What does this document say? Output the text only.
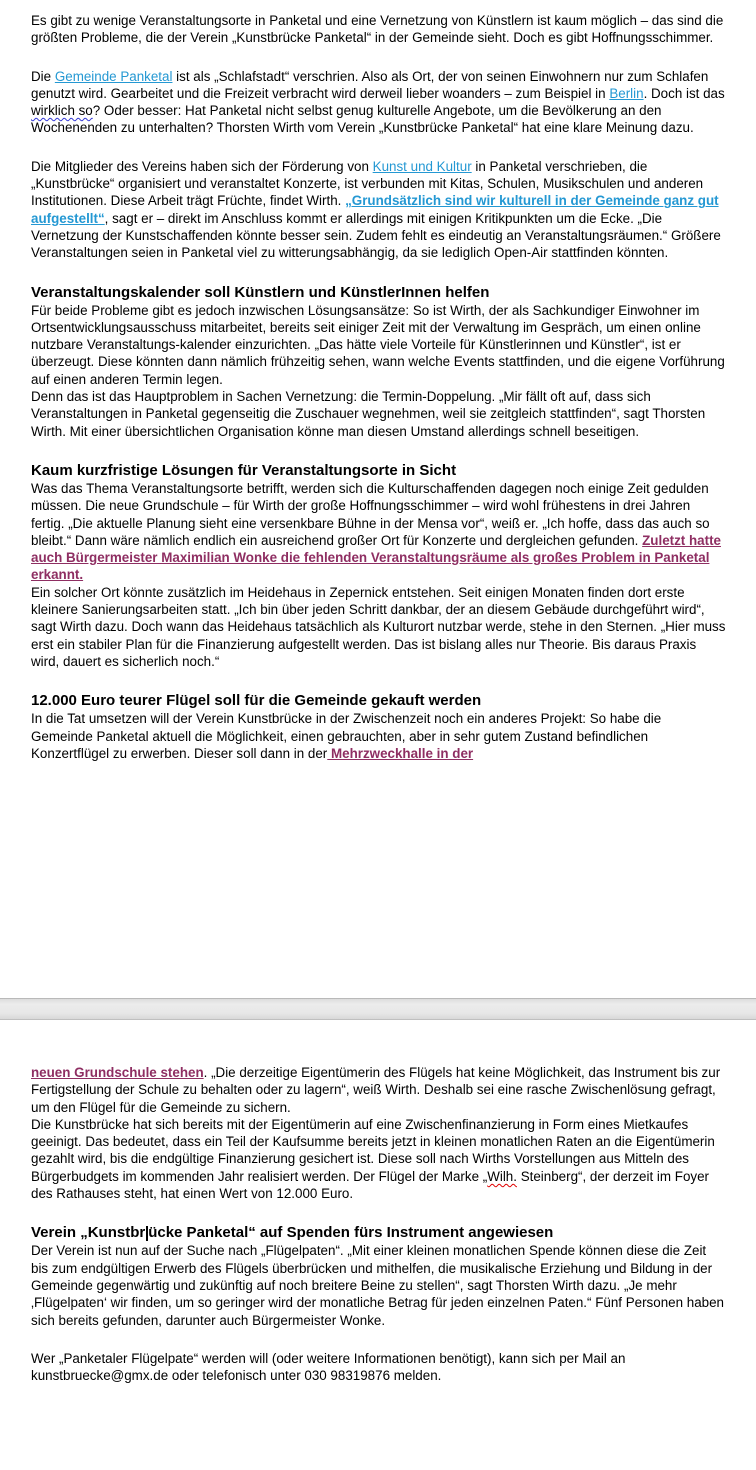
Es gibt zu wenige Veranstaltungsorte in Panketal und eine Vernetzung von Künstlern ist kaum möglich – das sind die größten Probleme, die der Verein „Kunstbrücke Panketal“ in der Gemeinde sieht. Doch es gibt Hoffnungsschimmer.

Die Gemeinde Panketal ist als „Schlafstadt“ verschrien. Also als Ort, der von seinen Einwohnern nur zum Schlafen genutzt wird. Gearbeitet und die Freizeit verbracht wird derweil lieber woanders – zum Beispiel in Berlin. Doch ist das wirklich so? Oder besser: Hat Panketal nicht selbst genug kulturelle Angebote, um die Bevölkerung an den Wochenenden zu unterhalten? Thorsten Wirth vom Verein „Kunstbrücke Panketal“ hat eine klare Meinung dazu.

Die Mitglieder des Vereins haben sich der Förderung von Kunst und Kultur in Panketal verschrieben, die „Kunstbrücke“ organisiert und veranstaltet Konzerte, ist verbunden mit Kitas, Schulen, Musikschulen und anderen Institutionen. Diese Arbeit trägt Früchte, findet Wirth. „Grundsätzlich sind wir kulturell in der Gemeinde ganz gut aufgestellt“, sagt er – direkt im Anschluss kommt er allerdings mit einigen Kritikpunkten um die Ecke. „Die Vernetzung der Kunstschaffenden könnte besser sein. Zudem fehlt es eindeutig an Veranstaltungsräumen.“ Größere Veranstaltungen seien in Panketal viel zu witterungsabhängig, da sie lediglich Open-Air stattfinden könnten.

Veranstaltungskalender soll Künstlern und KünstlerInnen helfen

Für beide Probleme gibt es jedoch inzwischen Lösungsansätze: So ist Wirth, der als Sachkundiger Einwohner im Ortsentwicklungsausschuss mitarbeitet, bereits seit einiger Zeit mit der Verwaltung im Gespräch, um einen online nutzbare Veranstaltungs-kalender einzurichten. „Das hätte viele Vorteile für Künstlerinnen und Künstler“, ist er überzeugt. Diese könnten dann nämlich frühzeitig sehen, wann welche Events stattfinden, und die eigene Vorführung auf einen anderen Termin legen.

Denn das ist das Hauptproblem in Sachen Vernetzung: die Termin-Doppelung. „Mir fällt oft auf, dass sich Veranstaltungen in Panketal gegenseitig die Zuschauer wegnehmen, weil sie zeitgleich stattfinden“, sagt Thorsten Wirth. Mit einer übersichtlichen Organisation könne man diesen Umstand allerdings schnell beseitigen.

Kaum kurzfristige Lösungen für Veranstaltungsorte in Sicht

Was das Thema Veranstaltungsorte betrifft, werden sich die Kulturschaffenden dagegen noch einige Zeit gedulden müssen. Die neue Grundschule – für Wirth der große Hoffnungsschimmer – wird wohl frühestens in drei Jahren fertig. „Die aktuelle Planung sieht eine versenkbare Bühne in der Mensa vor“, weiß er. „Ich hoffe, dass das auch so bleibt.“ Dann wäre nämlich endlich ein ausreichend großer Ort für Konzerte und dergleichen gefunden. Zuletzt hatte auch Bürgermeister Maximilian Wonke die fehlenden Veranstaltungsräume als großes Problem in Panketal erkannt.

Ein solcher Ort könnte zusätzlich im Heidehaus in Zepernick entstehen. Seit einigen Monaten finden dort erste kleinere Sanierungsarbeiten statt. „Ich bin über jeden Schritt dankbar, der an diesem Gebäude durchgeführt wird“, sagt Wirth dazu. Doch wann das Heidehaus tatsächlich als Kulturort nutzbar werde, stehe in den Sternen. „Hier muss erst ein stabiler Plan für die Finanzierung aufgestellt werden. Das ist bislang alles nur Theorie. Bis daraus Praxis wird, dauert es sicherlich noch.“

12.000 Euro teurer Flügel soll für die Gemeinde gekauft werden

In die Tat umsetzen will der Verein Kunstbrücke in der Zwischenzeit noch ein anderes Projekt: So habe die Gemeinde Panketal aktuell die Möglichkeit, einen gebrauchten, aber in sehr gutem Zustand befindlichen Konzertflügel zu erwerben. Dieser soll dann in der Mehrzweckhalle in der

neuen Grundschule stehen. „Die derzeitige Eigentümerin des Flügels hat keine Möglichkeit, das Instrument bis zur Fertigstellung der Schule zu behalten oder zu lagern“, weiß Wirth. Deshalb sei eine rasche Zwischenlösung gefragt, um den Flügel für die Gemeinde zu sichern.

Die Kunstbrücke hat sich bereits mit der Eigentümerin auf eine Zwischenfinanzierung in Form eines Mietkaufes geeinigt. Das bedeutet, dass ein Teil der Kaufsumme bereits jetzt in kleinen monatlichen Raten an die Eigentümerin gezahlt wird, bis die endgültige Finanzierung gesichert ist. Diese soll nach Wirths Vorstellungen aus Mitteln des Bürgerbudgets im kommenden Jahr realisiert werden. Der Flügel der Marke „Wilh. Steinberg“, der derzeit im Foyer des Rathauses steht, hat einen Wert von 12.000 Euro.

Verein „Kunstbr ücke Panketal“ auf Spenden fürs Instrument angewiesen

Der Verein ist nun auf der Suche nach „Flügelpaten“. „Mit einer kleinen monatlichen Spende können diese die Zeit bis zum endgültigen Erwerb des Flügels überbrücken und mithelfen, die musikalische Erziehung und Bildung in der Gemeinde gegenwärtig und zukünftig auf noch breitere Beine zu stellen“, sagt Thorsten Wirth dazu. „Je mehr ‚Flügelpaten‘ wir finden, um so geringer wird der monatliche Betrag für jeden einzelnen Paten.“ Fünf Personen haben sich bereits gefunden, darunter auch Bürgermeister Wonke.

Wer „Panketaler Flügelpate“ werden will (oder weitere Informationen benötigt), kann sich per Mail an kunstbruecke@gmx.de oder telefonisch unter 030 98319876 melden.
